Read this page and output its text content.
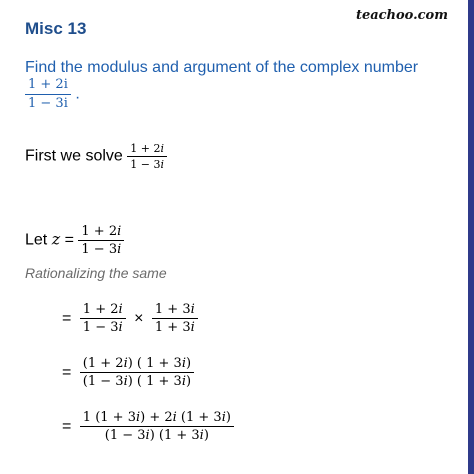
teachoo.com
Misc 13
Find the modulus and argument of the complex number
$\frac{1 + 2i}{1 - 3i}$ .
First we solve $\frac{\text{1 + 2𝑖}}{\text{1 − 3𝑖}}$
Let 𝑧 = $\frac{\text{1 + 2𝑖}}{\text{1 − 3𝑖}}$
Rationalizing the same
= $\frac{\text{1 + 2𝑖}}{\text{1 − 3𝑖}} \times \frac{\text{1 + 3𝑖}}{\text{1 + 3𝑖}}$
= $\frac{\text{(1 + 2𝑖) ( 1 + 3𝑖)}}{\text{(1 − 3𝑖) ( 1 + 3𝑖)}}$
= $\frac{\text{1 (1 + 3𝑖) + 2𝑖 (1 + 3𝑖)}}{\text{(1 − 3𝑖) (1 + 3𝑖)}}$
